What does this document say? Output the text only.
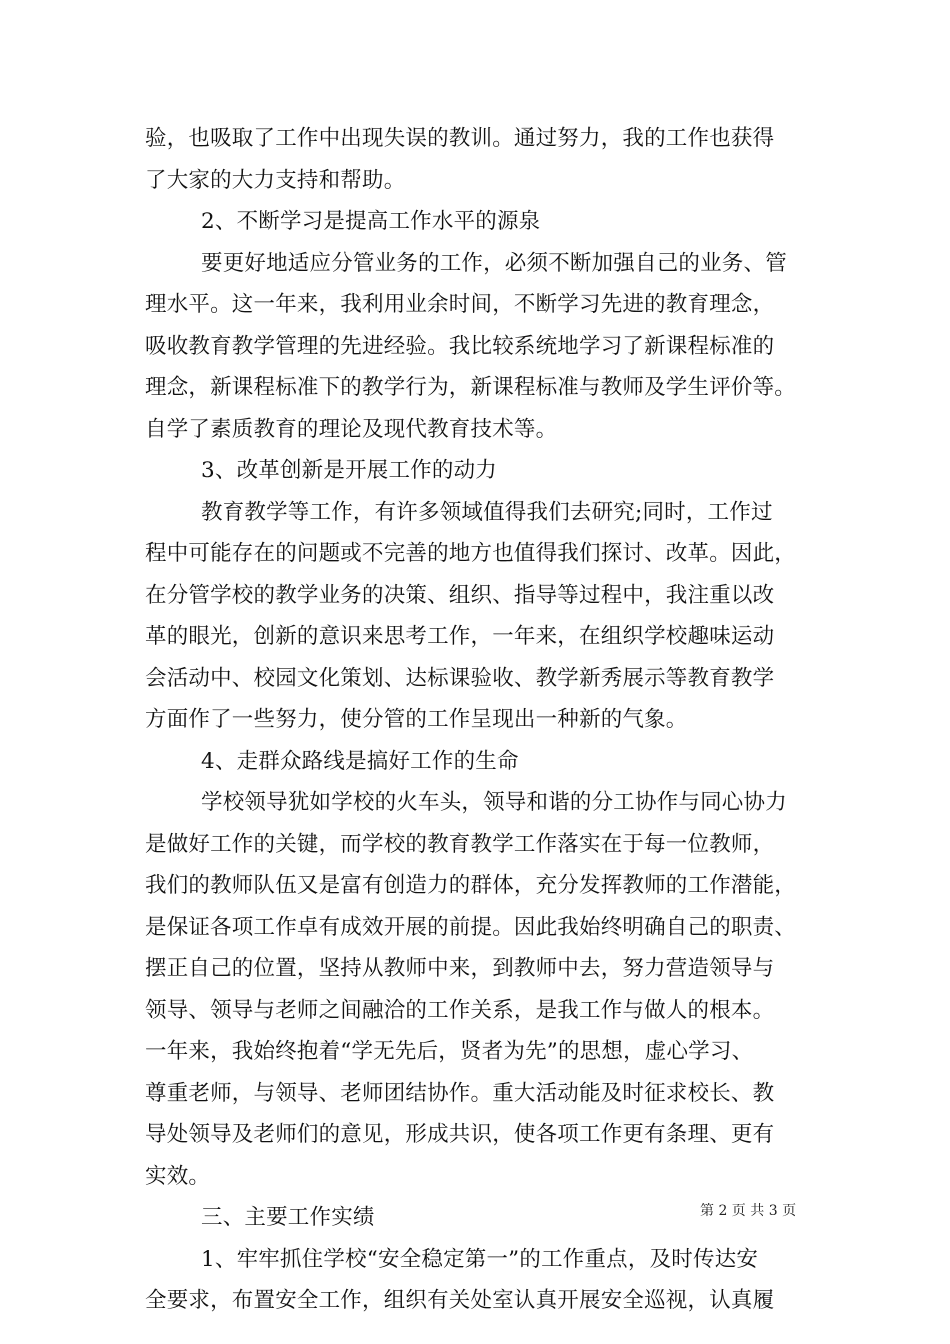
验，也吸取了工作中出现失误的教训。通过努力，我的工作也获得
了大家的大力支持和帮助。
2、不断学习是提高工作水平的源泉
要更好地适应分管业务的工作，必须不断加强自己的业务、管
理水平。这一年来，我利用业余时间，不断学习先进的教育理念，
吸收教育教学管理的先进经验。我比较系统地学习了新课程标准的
理念，新课程标准下的教学行为，新课程标准与教师及学生评价等。
自学了素质教育的理论及现代教育技术等。
3、改革创新是开展工作的动力
教育教学等工作，有许多领域值得我们去研究;同时，工作过
程中可能存在的问题或不完善的地方也值得我们探讨、改革。因此，
在分管学校的教学业务的决策、组织、指导等过程中，我注重以改
革的眼光，创新的意识来思考工作，一年来，在组织学校趣味运动
会活动中、校园文化策划、达标课验收、教学新秀展示等教育教学
方面作了一些努力，使分管的工作呈现出一种新的气象。
4、走群众路线是搞好工作的生命
学校领导犹如学校的火车头，领导和谐的分工协作与同心协力
是做好工作的关键，而学校的教育教学工作落实在于每一位教师，
我们的教师队伍又是富有创造力的群体，充分发挥教师的工作潜能，
是保证各项工作卓有成效开展的前提。因此我始终明确自己的职责、
摆正自己的位置，坚持从教师中来，到教师中去，努力营造领导与
领导、领导与老师之间融洽的工作关系，是我工作与做人的根本。
一年来，我始终抱着“学无先后，贤者为先”的思想，虚心学习、
尊重老师，与领导、老师团结协作。重大活动能及时征求校长、教
导处领导及老师们的意见，形成共识，使各项工作更有条理、更有
实效。
三、主要工作实绩
1、牢牢抓住学校“安全稳定第一”的工作重点，及时传达安
全要求，布置安全工作，组织有关处室认真开展安全巡视，认真履
第 2 页 共 3 页
